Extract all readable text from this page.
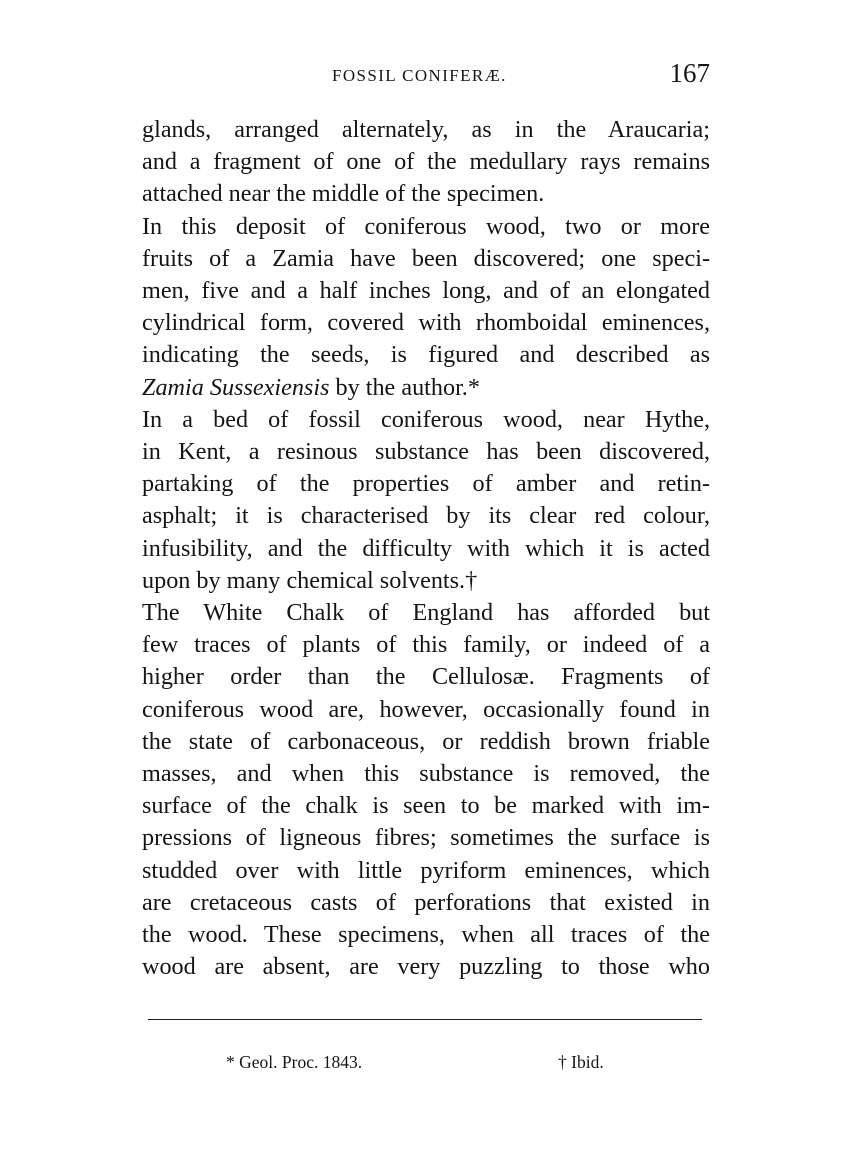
FOSSIL CONIFERÆ.	167

glands, arranged alternately, as in the Araucaria;
and a fragment of one of the medullary rays remains
attached near the middle of the specimen.

In this deposit of coniferous wood, two or more
fruits of a Zamia have been discovered; one speci-
men, five and a half inches long, and of an elongated
cylindrical form, covered with rhomboidal eminences,
indicating the seeds, is figured and described as
Zamia Sussexiensis by the author.*

In a bed of fossil coniferous wood, near Hythe,
in Kent, a resinous substance has been discovered,
partaking of the properties of amber and retin-
asphalt; it is characterised by its clear red colour,
infusibility, and the difficulty with which it is acted
upon by many chemical solvents.†

The White Chalk of England has afforded but
few traces of plants of this family, or indeed of a
higher order than the Cellulosæ. Fragments of
coniferous wood are, however, occasionally found in
the state of carbonaceous, or reddish brown friable
masses, and when this substance is removed, the
surface of the chalk is seen to be marked with im-
pressions of ligneous fibres; sometimes the surface is
studded over with little pyriform eminences, which
are cretaceous casts of perforations that existed in
the wood. These specimens, when all traces of the
wood are absent, are very puzzling to those who

* Geol. Proc. 1843.	† Ibid.
